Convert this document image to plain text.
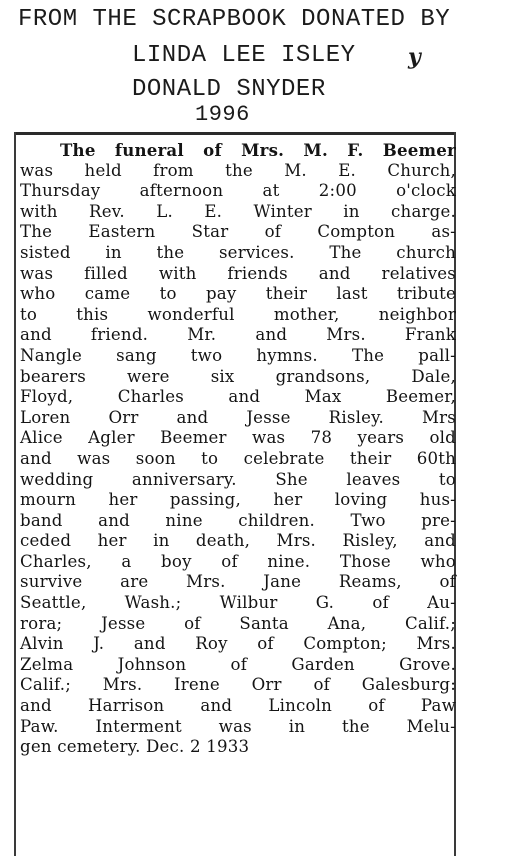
FROM THE SCRAPBOOK DONATED BY
LINDA LEE ISLEY y
DONALD SNYDER
1996
The funeral of Mrs. M. F. Beemer
was held from the M. E. Church,
Thursday afternoon at 2:00 o'clock
with Rev. L. E. Winter in charge.
The Eastern Star of Compton as-
sisted in the services. The church
was filled with friends and relatives
who came to pay their last tribute
to this wonderful mother, neighbor
and friend. Mr. and Mrs. Frank
Nangle sang two hymns. The pall-
bearers were six grandsons, Dale,
Floyd, Charles and Max Beemer,
Loren Orr and Jesse Risley. Mrs
Alice Agler Beemer was 78 years old
and was soon to celebrate their 60th
wedding anniversary. She leaves to
mourn her passing, her loving hus-
band and nine children. Two pre-
ceded her in death, Mrs. Risley, and
Charles, a boy of nine. Those who
survive are Mrs. Jane Reams, of
Seattle, Wash.; Wilbur G. of Au-
rora; Jesse of Santa Ana, Calif.;
Alvin J. and Roy of Compton; Mrs.
Zelma Johnson of Garden Grove.
Calif.; Mrs. Irene Orr of Galesburg:
and Harrison and Lincoln of Paw
Paw. Interment was in the Melu-
gen cemetery. Dec. 2 1933
